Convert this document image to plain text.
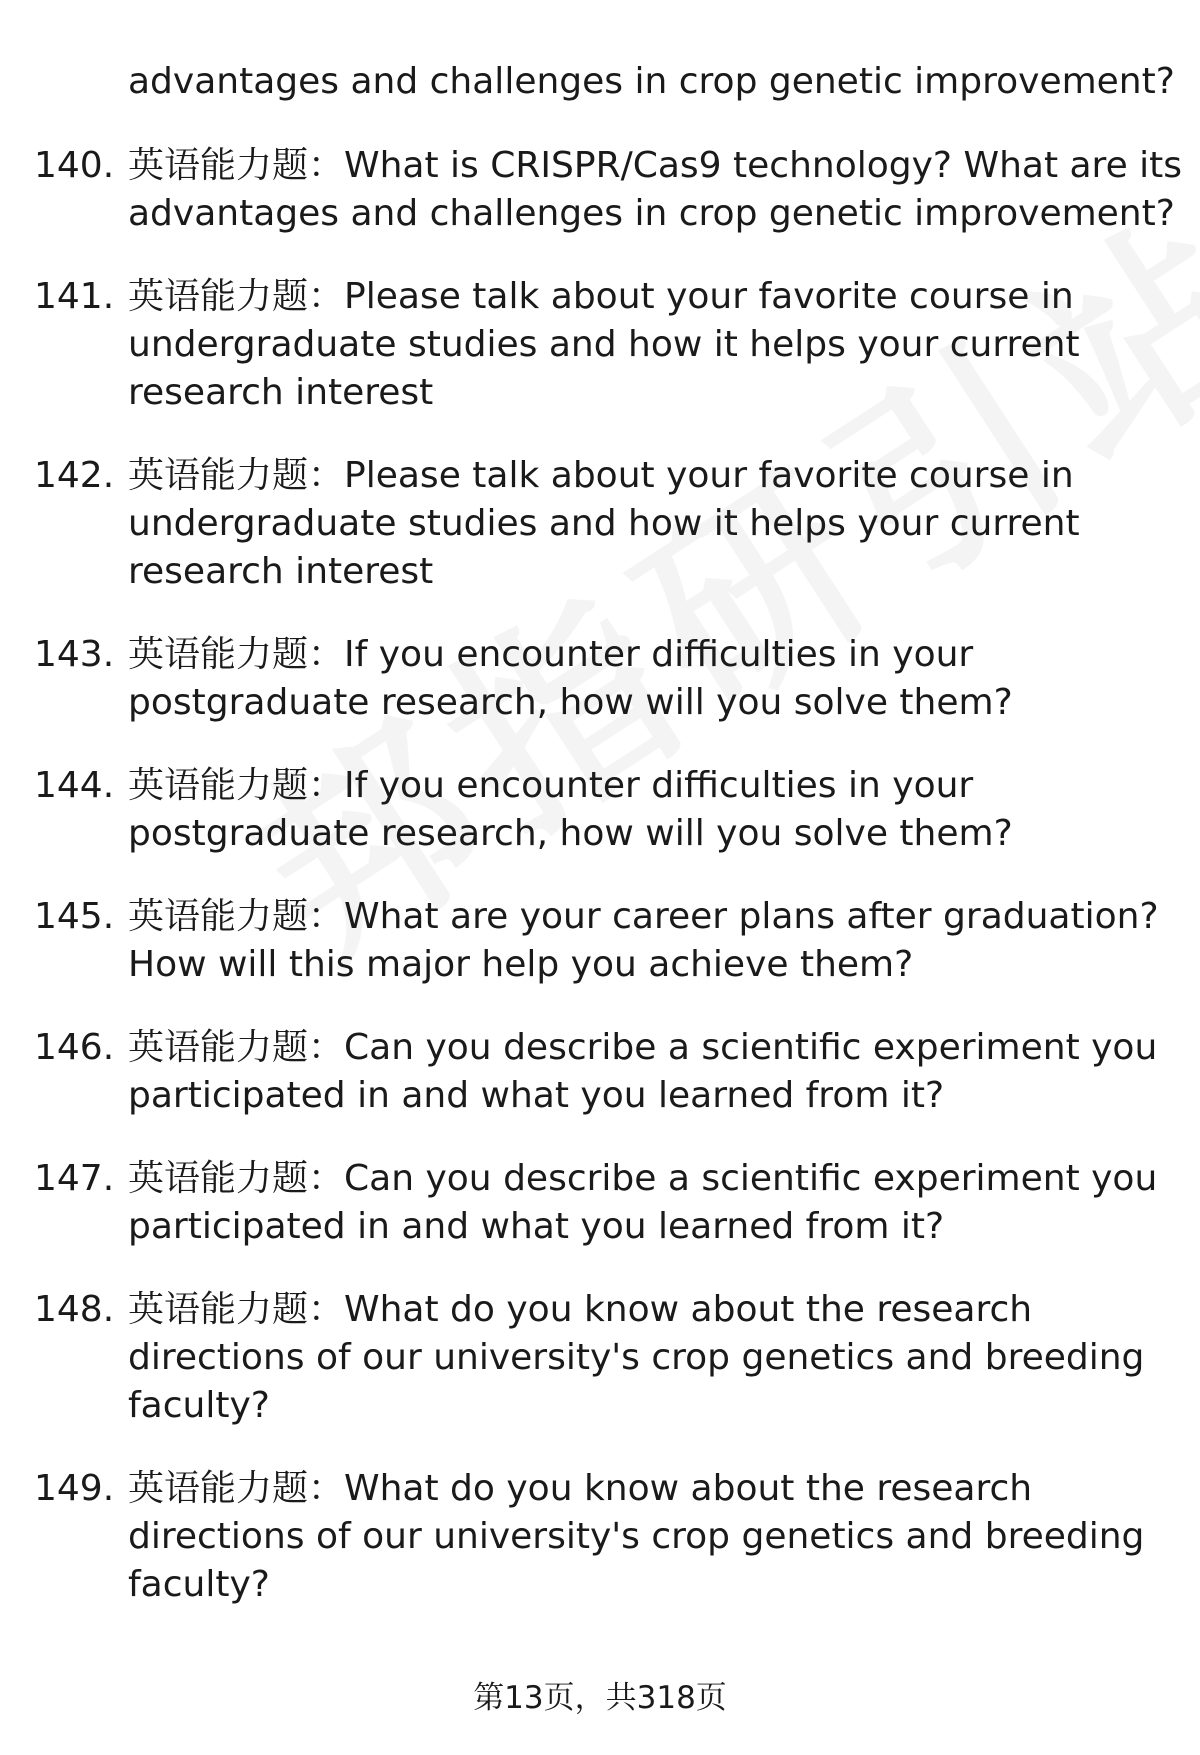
advantages and challenges in crop genetic improvement?
140. 英语能力题：What is CRISPR/Cas9 technology? What are its
advantages and challenges in crop genetic improvement?
141. 英语能力题：Please talk about your favorite course in
undergraduate studies and how it helps your current
research interest
142. 英语能力题：Please talk about your favorite course in
undergraduate studies and how it helps your current
research interest
143. 英语能力题：If you encounter difficulties in your
postgraduate research, how will you solve them?
144. 英语能力题：If you encounter difficulties in your
postgraduate research, how will you solve them?
145. 英语能力题：What are your career plans after graduation?
How will this major help you achieve them?
146. 英语能力题：Can you describe a scientific experiment you
participated in and what you learned from it?
147. 英语能力题：Can you describe a scientific experiment you
participated in and what you learned from it?
148. 英语能力题：What do you know about the research
directions of our university's crop genetics and breeding
faculty?
149. 英语能力题：What do you know about the research
directions of our university's crop genetics and breeding
faculty?
第13页，共318页
